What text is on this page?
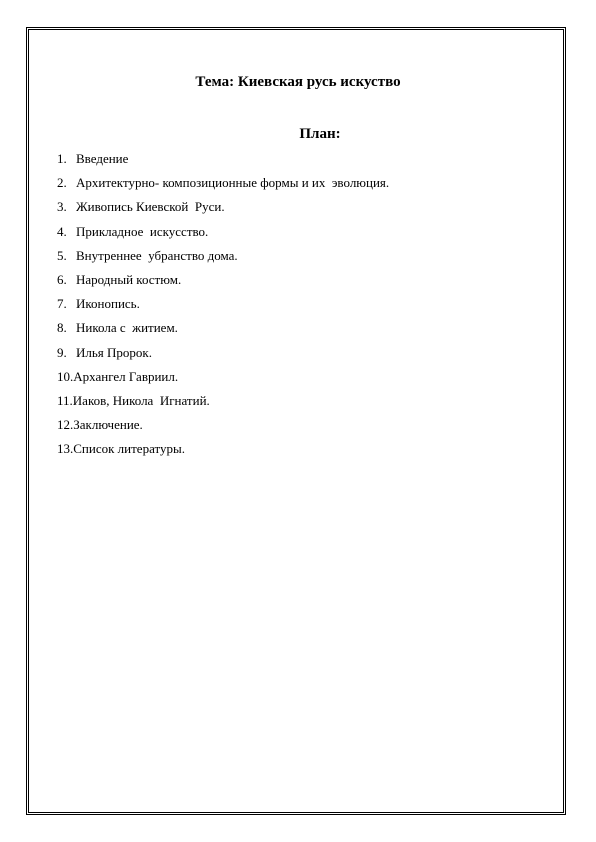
Тема: Киевская русь искуство
План:
1. Введение
2. Архитектурно- композиционные формы и их  эволюция.
3. Живопись Киевской  Руси.
4. Прикладное  искусство.
5. Внутреннее  убранство дома.
6. Народный костюм.
7. Иконопись.
8. Никола с  житием.
9. Илья Пророк.
10. Архангел Гавриил.
11. Иаков, Никола  Игнатий.
12. Заключение.
13. Список литературы.
